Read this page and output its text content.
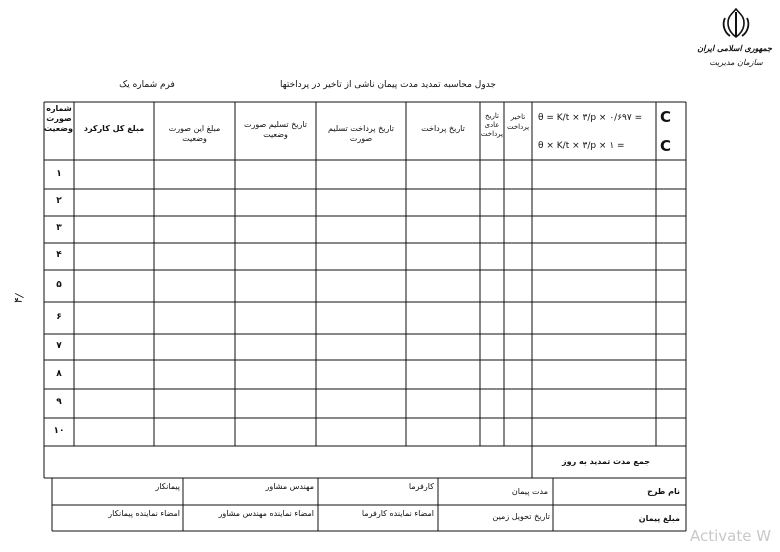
جمهوری اسلامی ایران
سازمان مدیریت
جدول محاسبه تمدید مدت پیمان ناشی از تاخیر در پرداختها
فرم شماره یک
۴/
شماره صورت وضعیت	مبلغ کل کارکرد	مبلغ این صورت وضعیت
تاریخ تسلیم صورت وضعیت
تاریخ پرداخت تسلیم صورت
تاریخ پرداخت
تاریخ عادی پرداخت
تاخیر پرداخت
θ = K/t × ۳/p × ۰/۶۹۷ =
θ × K/t × ۳/p × ۱ =
C
C
۱
۲
۳
۴
۵
۶
۷
۸
۹
۱۰
جمع مدت تمدید به روز
نام طرح
مدت پیمان
کارفرما
مهندس مشاور
پیمانکار
مبلغ پیمان
تاریخ تحویل زمین
امضاء نماینده کارفرما
امضاء نماینده مهندس مشاور
امضاء نماینده پیمانکار
Activate W
